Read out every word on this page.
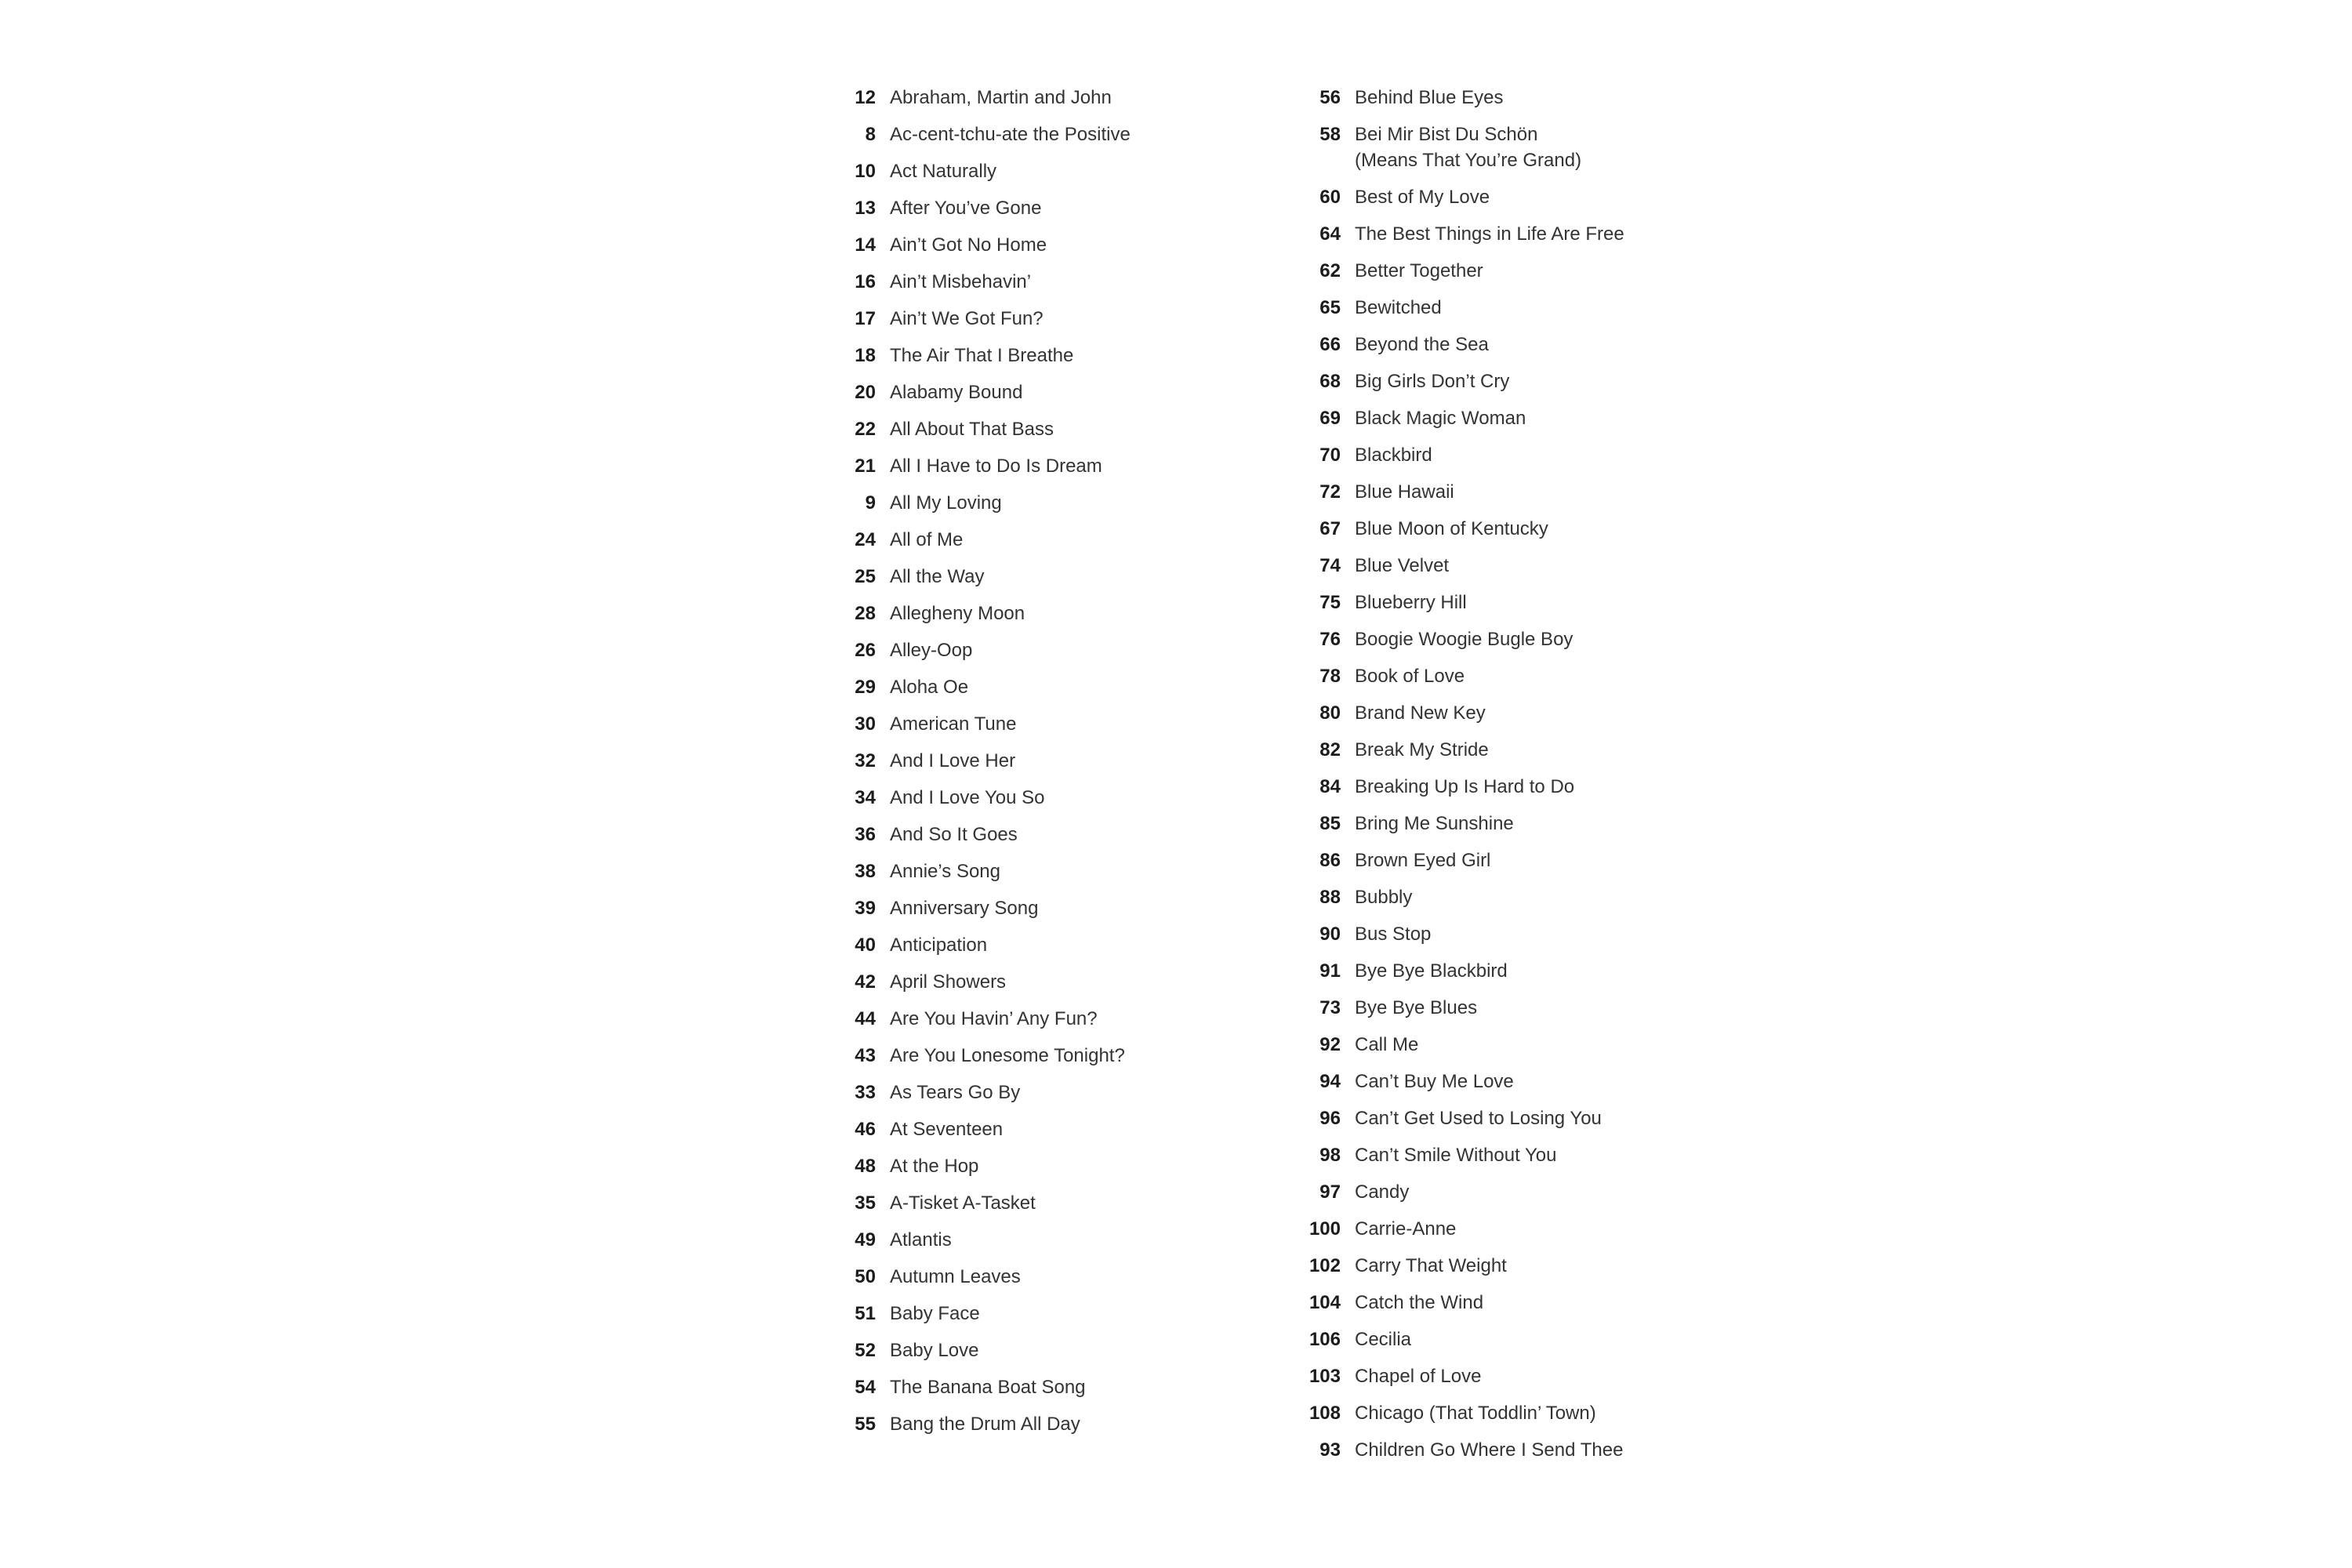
12 Abraham, Martin and John
8 Ac-cent-tchu-ate the Positive
10 Act Naturally
13 After You’ve Gone
14 Ain’t Got No Home
16 Ain’t Misbehavin’
17 Ain’t We Got Fun?
18 The Air That I Breathe
20 Alabamy Bound
22 All About That Bass
21 All I Have to Do Is Dream
9 All My Loving
24 All of Me
25 All the Way
28 Allegheny Moon
26 Alley-Oop
29 Aloha Oe
30 American Tune
32 And I Love Her
34 And I Love You So
36 And So It Goes
38 Annie’s Song
39 Anniversary Song
40 Anticipation
42 April Showers
44 Are You Havin’ Any Fun?
43 Are You Lonesome Tonight?
33 As Tears Go By
46 At Seventeen
48 At the Hop
35 A-Tisket A-Tasket
49 Atlantis
50 Autumn Leaves
51 Baby Face
52 Baby Love
54 The Banana Boat Song
55 Bang the Drum All Day
56 Behind Blue Eyes
58 Bei Mir Bist Du Schön
(Means That You’re Grand)
60 Best of My Love
64 The Best Things in Life Are Free
62 Better Together
65 Bewitched
66 Beyond the Sea
68 Big Girls Don’t Cry
69 Black Magic Woman
70 Blackbird
72 Blue Hawaii
67 Blue Moon of Kentucky
74 Blue Velvet
75 Blueberry Hill
76 Boogie Woogie Bugle Boy
78 Book of Love
80 Brand New Key
82 Break My Stride
84 Breaking Up Is Hard to Do
85 Bring Me Sunshine
86 Brown Eyed Girl
88 Bubbly
90 Bus Stop
91 Bye Bye Blackbird
73 Bye Bye Blues
92 Call Me
94 Can’t Buy Me Love
96 Can’t Get Used to Losing You
98 Can’t Smile Without You
97 Candy
100 Carrie-Anne
102 Carry That Weight
104 Catch the Wind
106 Cecilia
103 Chapel of Love
108 Chicago (That Toddlin’ Town)
93 Children Go Where I Send Thee
